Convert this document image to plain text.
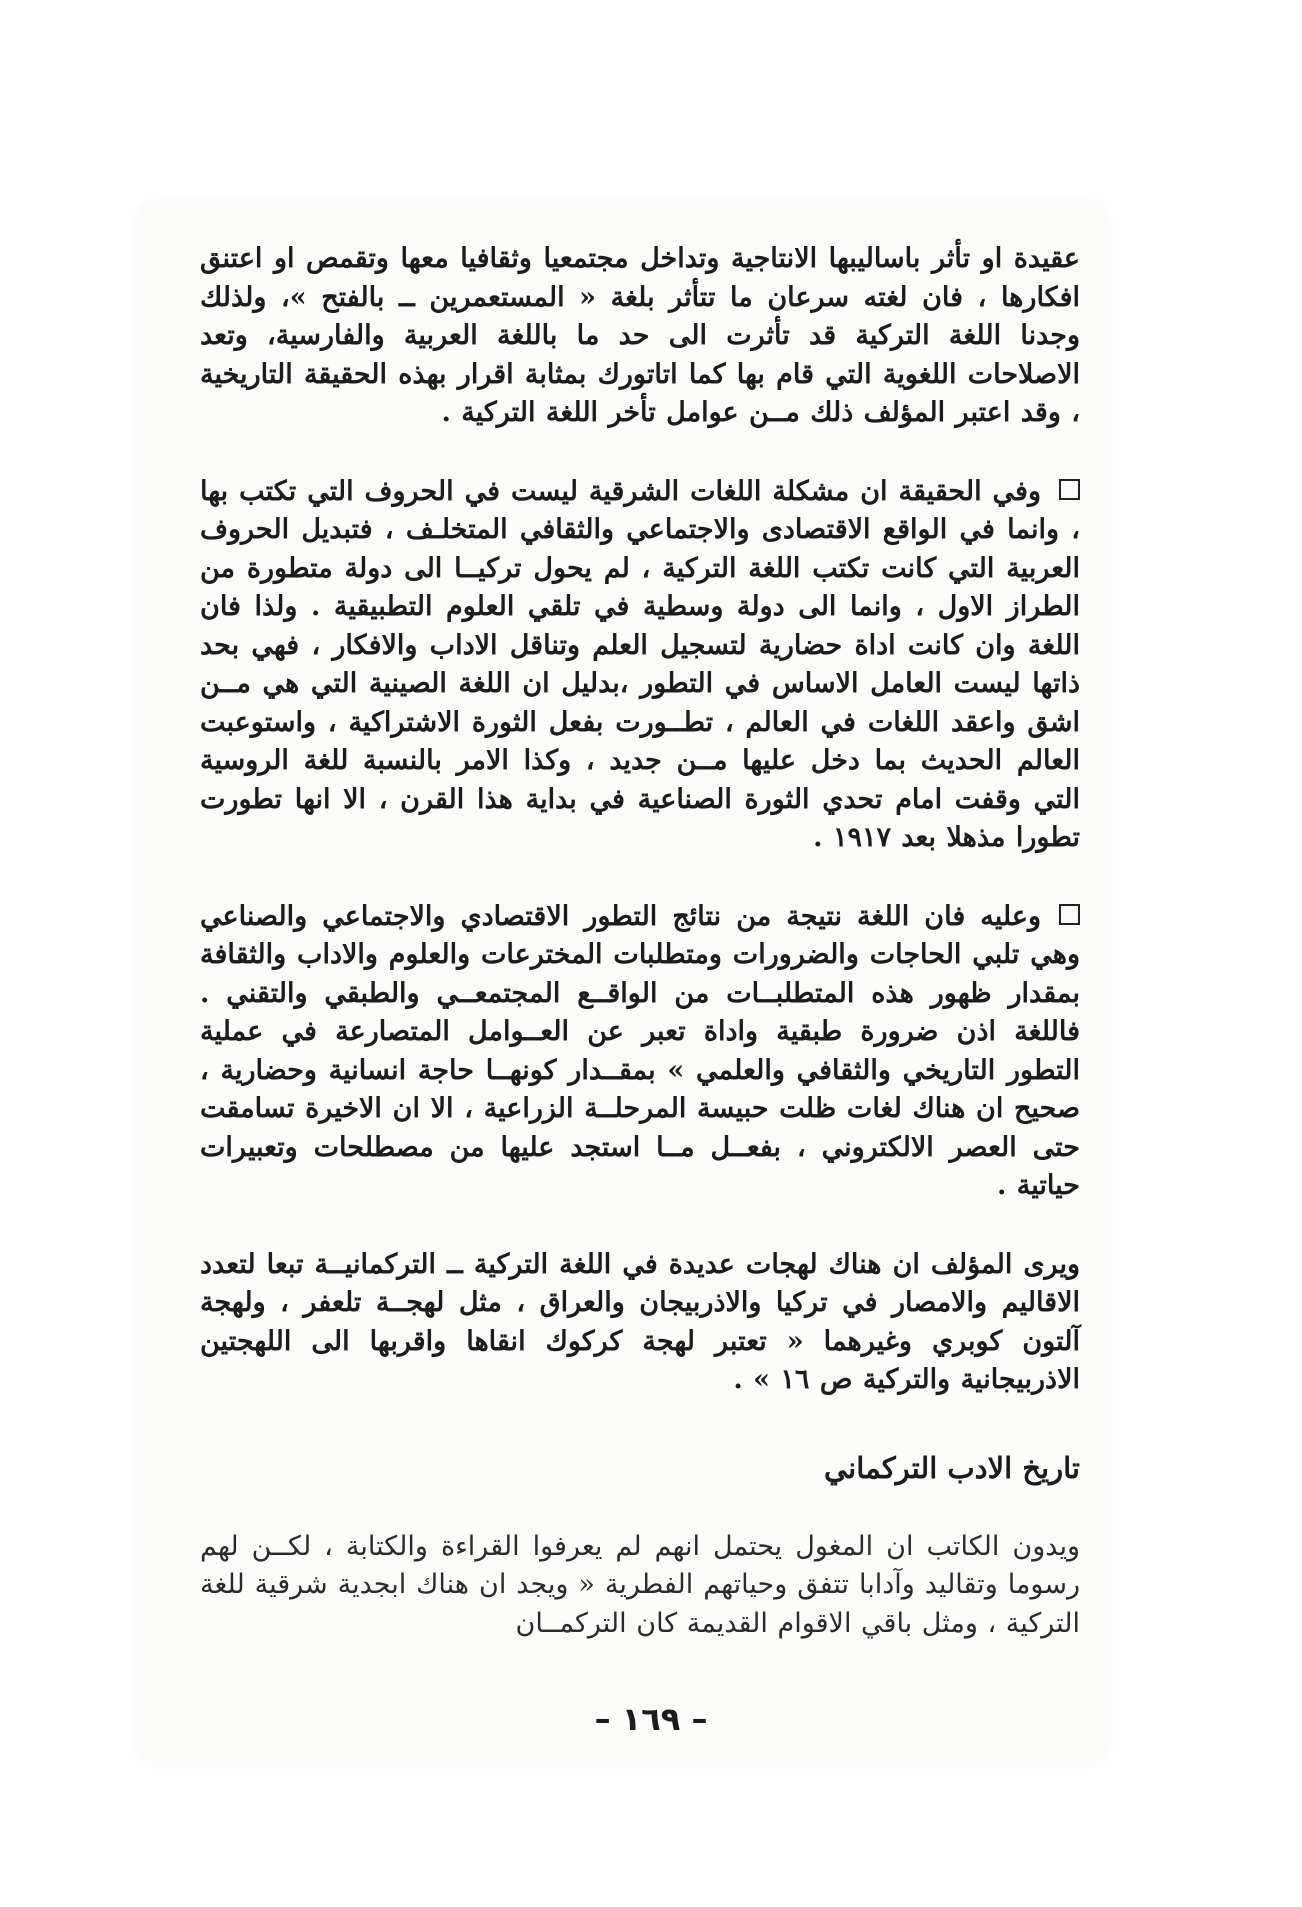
عقيدة او تأثر باساليبها الانتاجية وتداخل مجتمعيا وثقافيا معها وتقمص او اعتنق افكارها ، فان لغته سرعان ما تتأثر بلغة « المستعمرين ــ بالفتح »، ولذلك وجدنا اللغة التركية قد تأثرت الى حد ما باللغة العربية والفارسية، وتعد الاصلاحات اللغوية التي قام بها كما اتاتورك بمثابة اقرار بهذه الحقيقة التاريخية ، وقد اعتبر المؤلف ذلك مــن عوامل تأخر اللغة التركية .

وفي الحقيقة ان مشكلة اللغات الشرقية ليست في الحروف التي تكتب بها ، وانما في الواقع الاقتصادى والاجتماعي والثقافي المتخلـف ، فتبديل الحروف العربية التي كانت تكتب اللغة التركية ، لم يحول تركيــا الى دولة متطورة من الطراز الاول ، وانما الى دولة وسطية في تلقي العلوم التطبيقية . ولذا فان اللغة وان كانت اداة حضارية لتسجيل العلم وتناقل الاداب والافكار ، فهي بحد ذاتها ليست العامل الاساس في التطور ،بدليل ان اللغة الصينية التي هي مــن اشق واعقد اللغات في العالم ، تطــورت بفعل الثورة الاشتراكية ، واستوعبت العالم الحديث بما دخل عليها مــن جديد ، وكذا الامر بالنسبة للغة الروسية التي وقفت امام تحدي الثورة الصناعية في بداية هذا القرن ، الا انها تطورت تطورا مذهلا بعد ١٩١٧ .

وعليه فان اللغة نتيجة من نتائج التطور الاقتصادي والاجتماعي والصناعي وهي تلبي الحاجات والضرورات ومتطلبات المخترعات والعلوم والاداب والثقافة بمقدار ظهور هذه المتطلبــات من الواقــع المجتمعــي والطبقي والتقني . فاللغة اذن ضرورة طبقية واداة تعبر عن العــوامل المتصارعة في عملية التطور التاريخي والثقافي والعلمي » بمقــدار كونهــا حاجة انسانية وحضارية ، صحيح ان هناك لغات ظلت حبيسة المرحلــة الزراعية ، الا ان الاخيرة تسامقت حتى العصر الالكتروني ، بفعــل مــا استجد عليها من مصطلحات وتعبيرات حياتية .

ويرى المؤلف ان هناك لهجات عديدة في اللغة التركية ــ التركمانيــة تبعا لتعدد الاقاليم والامصار في تركيا والاذربيجان والعراق ، مثل لهجــة تلعفر ، ولهجة آلتون كوبري وغيرهما « تعتبر لهجة كركوك انقاها واقربها الى اللهجتين الاذربيجانية والتركية ص ١٦ » .

تاريخ الادب التركماني

ويدون الكاتب ان المغول يحتمل انهم لم يعرفوا القراءة والكتابة ، لكــن لهم رسوما وتقاليد وآدابا تتفق وحياتهم الفطرية « ويجد ان هناك ابجدية شرقية للغة التركية ، ومثل باقي الاقوام القديمة كان التركمــان

– ١٦٩ –
